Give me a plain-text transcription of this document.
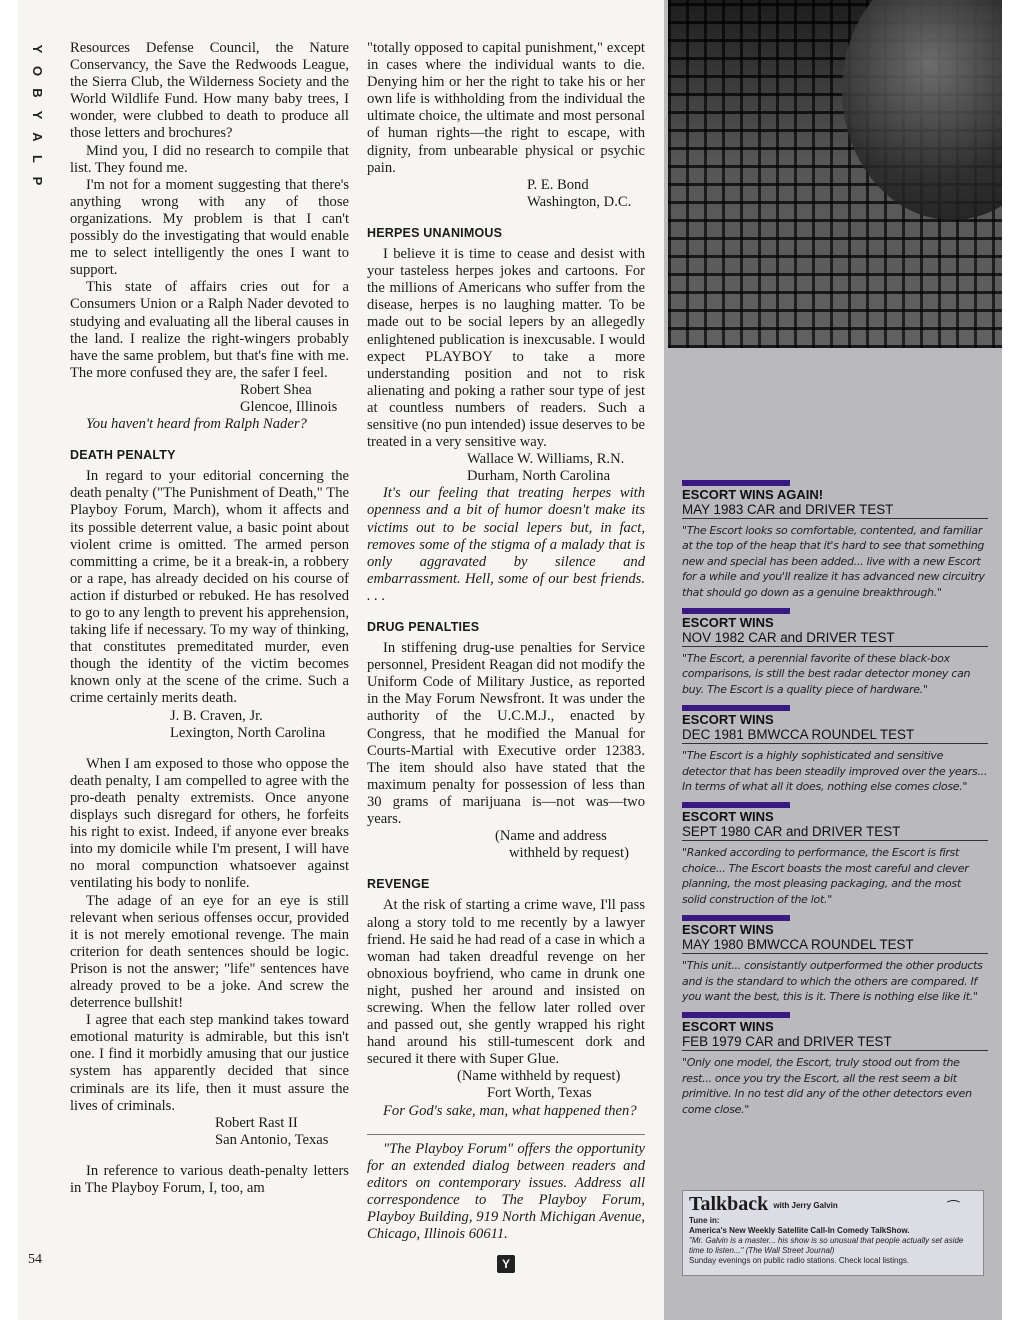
Y
O
B
Y
A
L
P
54

Resources Defense Council, the Nature Conservancy, the Save the Redwoods League, the Sierra Club, the Wilderness Society and the World Wildlife Fund. How many baby trees, I wonder, were clubbed to death to produce all those letters and brochures?

Mind you, I did no research to compile that list. They found me.

I'm not for a moment suggesting that there's anything wrong with any of those organizations. My problem is that I can't possibly do the investigating that would enable me to select intelligently the ones I want to support.

This state of affairs cries out for a Consumers Union or a Ralph Nader devoted to studying and evaluating all the liberal causes in the land. I realize the right-wingers probably have the same problem, but that's fine with me. The more confused they are, the safer I feel.

Robert Shea

Glencoe, Illinois

You haven't heard from Ralph Nader?

DEATH PENALTY

In regard to your editorial concerning the death penalty ("The Punishment of Death," The Playboy Forum, March), whom it affects and its possible deterrent value, a basic point about violent crime is omitted. The armed person committing a crime, be it a break-in, a robbery or a rape, has already decided on his course of action if disturbed or rebuked. He has resolved to go to any length to prevent his apprehension, taking life if necessary. To my way of thinking, that constitutes premeditated murder, even though the identity of the victim becomes known only at the scene of the crime. Such a crime certainly merits death.

J. B. Craven, Jr.

Lexington, North Carolina

When I am exposed to those who oppose the death penalty, I am compelled to agree with the pro-death penalty extremists. Once anyone displays such disregard for others, he forfeits his right to exist. Indeed, if anyone ever breaks into my domicile while I'm present, I will have no moral compunction whatsoever against ventilating his body to nonlife.

The adage of an eye for an eye is still relevant when serious offenses occur, provided it is not merely emotional revenge. The main criterion for death sentences should be logic. Prison is not the answer; "life" sentences have already proved to be a joke. And screw the deterrence bullshit!

I agree that each step mankind takes toward emotional maturity is admirable, but this isn't one. I find it morbidly amusing that our justice system has apparently decided that since criminals are its life, then it must assure the lives of criminals.

Robert Rast II

San Antonio, Texas

In reference to various death-penalty letters in The Playboy Forum, I, too, am

"totally opposed to capital punishment," except in cases where the individual wants to die. Denying him or her the right to take his or her own life is withholding from the individual the ultimate choice, the ultimate and most personal of human rights—the right to escape, with dignity, from unbearable physical or psychic pain.

P. E. Bond

Washington, D.C.

HERPES UNANIMOUS

I believe it is time to cease and desist with your tasteless herpes jokes and cartoons. For the millions of Americans who suffer from the disease, herpes is no laughing matter. To be made out to be social lepers by an allegedly enlightened publication is inexcusable. I would expect PLAYBOY to take a more understanding position and not to risk alienating and poking a rather sour type of jest at countless numbers of readers. Such a sensitive (no pun intended) issue deserves to be treated in a very sensitive way.

Wallace W. Williams, R.N.

Durham, North Carolina

It's our feeling that treating herpes with openness and a bit of humor doesn't make its victims out to be social lepers but, in fact, removes some of the stigma of a malady that is only aggravated by silence and embarrassment. Hell, some of our best friends. . . .

DRUG PENALTIES

In stiffening drug-use penalties for Service personnel, President Reagan did not modify the Uniform Code of Military Justice, as reported in the May Forum Newsfront. It was under the authority of the U.C.M.J., enacted by Congress, that he modified the Manual for Courts-Martial with Executive order 12383. The item should also have stated that the maximum penalty for possession of less than 30 grams of marijuana is—not was—two years.

(Name and address

withheld by request)

REVENGE

At the risk of starting a crime wave, I'll pass along a story told to me recently by a lawyer friend. He said he had read of a case in which a woman had taken dreadful revenge on her obnoxious boyfriend, who came in drunk one night, pushed her around and insisted on screwing. When the fellow later rolled over and passed out, she gently wrapped his right hand around his still-tumescent dork and secured it there with Super Glue.

(Name withheld by request)

Fort Worth, Texas

For God's sake, man, what happened then?

"The Playboy Forum" offers the opportunity for an extended dialog between readers and editors on contemporary issues. Address all correspondence to The Playboy Forum, Playboy Building, 919 North Michigan Avenue, Chicago, Illinois 60611.

Y
ESCORT WINS AGAIN!
MAY 1983 CAR and DRIVER TEST
"The Escort looks so comfortable, contented, and familiar at the top of the heap that it's hard to see that something new and special has been added... live with a new Escort for a while and you'll realize it has advanced new circuitry that should go down as a genuine breakthrough."
ESCORT WINS
NOV 1982 CAR and DRIVER TEST
"The Escort, a perennial favorite of these black-box comparisons, is still the best radar detector money can buy. The Escort is a quality piece of hardware."
ESCORT WINS
DEC 1981 BMWCCA ROUNDEL TEST
"The Escort is a highly sophisticated and sensitive detector that has been steadily improved over the years... In terms of what all it does, nothing else comes close."
ESCORT WINS
SEPT 1980 CAR and DRIVER TEST
"Ranked according to performance, the Escort is first choice... The Escort boasts the most careful and clever planning, the most pleasing packaging, and the most solid construction of the lot."
ESCORT WINS
MAY 1980 BMWCCA ROUNDEL TEST
"This unit... consistantly outperformed the other products and is the standard to which the others are compared. If you want the best, this is it. There is nothing else like it."
ESCORT WINS
FEB 1979 CAR and DRIVER TEST
"Only one model, the Escort, truly stood out from the rest... once you try the Escort, all the rest seem a bit primitive. In no test did any of the other detectors even come close."
Talkback with Jerry Galvin	⁀
Tune in:
America's New Weekly Satellite Call-In Comedy TalkShow.
"Mr. Galvin is a master... his show is so unusual that people actually set aside time to listen..." (The Wall Street Journal)
Sunday evenings on public radio stations. Check local listings.
